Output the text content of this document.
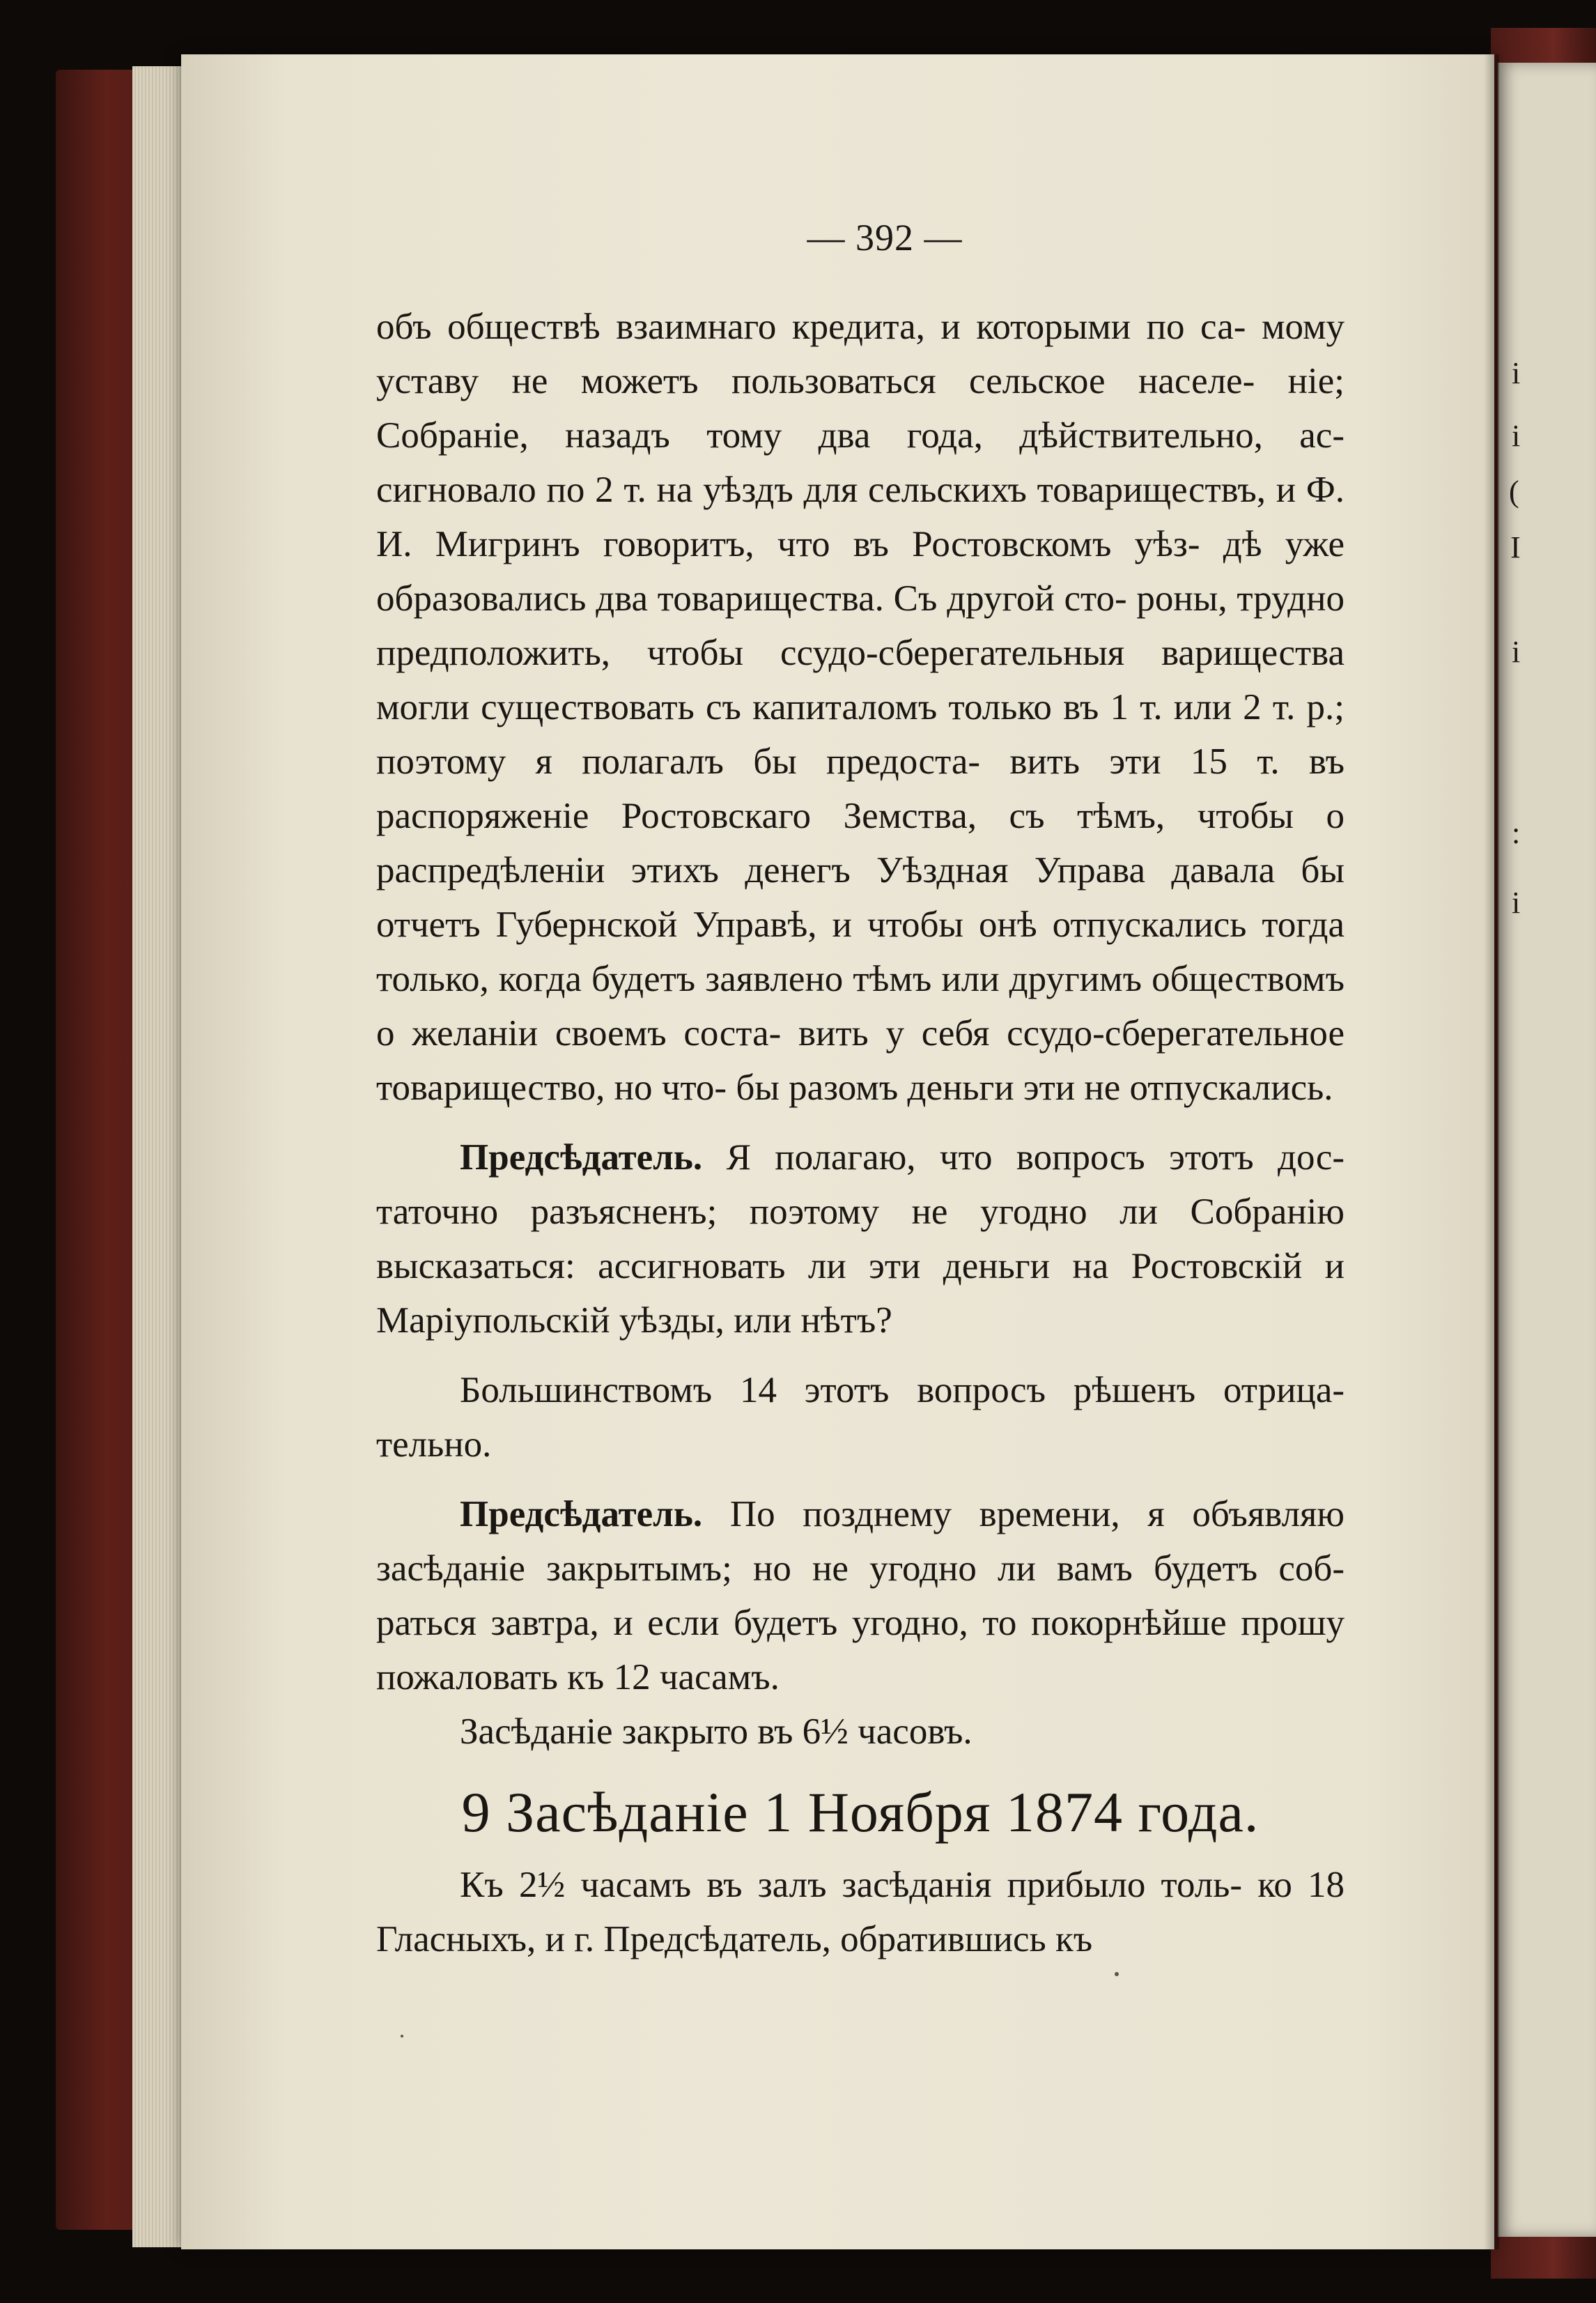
і
і
(
І
і
:
і
— 392 —

объ обществѣ взаимнаго кредита, и которыми по са- мому уставу не можетъ пользоваться сельское населе- ніе; Собраніе, назадъ тому два года, дѣйствительно, ас- сигновало по 2 т. на уѣздъ для сельскихъ товариществъ, и Ф. И. Мигринъ говоритъ, что въ Ростовскомъ уѣз- дѣ уже образовались два товарищества. Съ другой сто- роны, трудно предположить, чтобы ссудо-сберегательныя варищества могли существовать съ капиталомъ только въ 1 т. или 2 т. р.; поэтому я полагалъ бы предоста- вить эти 15 т. въ распоряженіе Ростовскаго Земства, съ тѣмъ, чтобы о распредѣленіи этихъ денегъ Уѣздная Управа давала бы отчетъ Губернской Управѣ, и чтобы онѣ отпускались тогда только, когда будетъ заявлено тѣмъ или другимъ обществомъ о желаніи своемъ соста- вить у себя ссудо-сберегательное товарищество, но что- бы разомъ деньги эти не отпускались.

Предсѣдатель. Я полагаю, что вопросъ этотъ дос- таточно разъясненъ; поэтому не угодно ли Собранію высказаться: ассигновать ли эти деньги на Ростовскій и Маріупольскій уѣзды, или нѣтъ?

Большинствомъ 14 этотъ вопросъ рѣшенъ отрица- тельно.

Предсѣдатель. По позднему времени, я объявляю засѣданіе закрытымъ; но не угодно ли вамъ будетъ соб- раться завтра, и если будетъ угодно, то покорнѣйше прошу пожаловать къ 12 часамъ.

Засѣданіе закрыто въ 6½ часовъ.

9 Засѣданіе 1 Ноября 1874 года.

Къ 2½ часамъ въ залъ засѣданія прибыло толь- ко 18 Гласныхъ, и г. Предсѣдатель, обратившись къ
